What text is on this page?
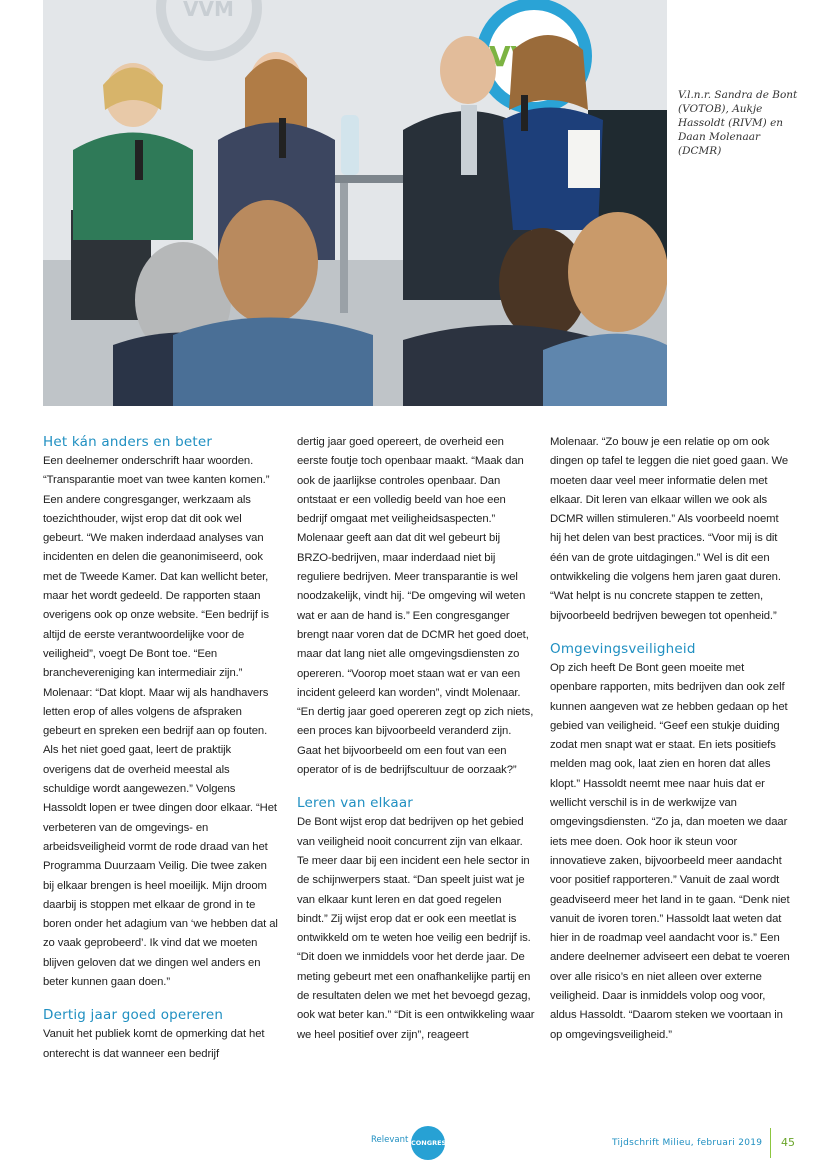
VVM
V.l.n.r. Sandra de Bont (VOTOB), Aukje Hassoldt (RIVM) en Daan Molenaar (DCMR)
Het kán anders en beter

Een deelnemer onderschrift haar woorden. “Transparantie moet van twee kanten komen.” Een andere congresganger, werkzaam als toezichthouder, wijst erop dat dit ook wel gebeurt. “We maken inderdaad analyses van incidenten en delen die geanonimiseerd, ook met de Tweede Kamer. Dat kan wellicht beter, maar het wordt gedeeld. De rapporten staan overigens ook op onze website. “Een bedrijf is altijd de eerste verantwoordelijke voor de veiligheid”, voegt De Bont toe. “Een branchevereniging kan intermediair zijn.” Molenaar: “Dat klopt. Maar wij als handhavers letten erop of alles volgens de afspraken gebeurt en spreken een bedrijf aan op fouten. Als het niet goed gaat, leert de praktijk overigens dat de overheid meestal als schuldige wordt aangewezen.” Volgens Hassoldt lopen er twee dingen door elkaar. “Het verbeteren van de omgevings- en arbeidsveiligheid vormt de rode draad van het Programma Duurzaam Veilig. Die twee zaken bij elkaar brengen is heel moeilijk. Mijn droom daarbij is stoppen met elkaar de grond in te boren onder het adagium van ‘we hebben dat al zo vaak geprobeerd’. Ik vind dat we moeten blijven geloven dat we dingen wel anders en beter kunnen gaan doen.”

Dertig jaar goed opereren

Vanuit het publiek komt de opmerking dat het onterecht is dat wanneer een bedrijf

dertig jaar goed opereert, de overheid een eerste foutje toch openbaar maakt. “Maak dan ook de jaarlijkse controles openbaar. Dan ontstaat er een volledig beeld van hoe een bedrijf omgaat met veiligheidsaspecten.” Molenaar geeft aan dat dit wel gebeurt bij BRZO-bedrijven, maar inderdaad niet bij reguliere bedrijven. Meer transparantie is wel noodzakelijk, vindt hij. “De omgeving wil weten wat er aan de hand is.” Een congresganger brengt naar voren dat de DCMR het goed doet, maar dat lang niet alle omgevingsdiensten zo opereren. “Voorop moet staan wat er van een incident geleerd kan worden”, vindt Molenaar. “En dertig jaar goed opereren zegt op zich niets, een proces kan bijvoorbeeld veranderd zijn. Gaat het bijvoorbeeld om een fout van een operator of is de bedrijfscultuur de oorzaak?”

Leren van elkaar

De Bont wijst erop dat bedrijven op het gebied van veiligheid nooit concurrent zijn van elkaar. Te meer daar bij een incident een hele sector in de schijnwerpers staat. “Dan speelt juist wat je van elkaar kunt leren en dat goed regelen bindt.” Zij wijst erop dat er ook een meetlat is ontwikkeld om te weten hoe veilig een bedrijf is. “Dit doen we inmiddels voor het derde jaar. De meting gebeurt met een onafhankelijke partij en de resultaten delen we met het bevoegd gezag, ook wat beter kan.” “Dit is een ontwikkeling waar we heel positief over zijn”, reageert

Molenaar. “Zo bouw je een relatie op om ook dingen op tafel te leggen die niet goed gaan. We moeten daar veel meer informatie delen met elkaar. Dit leren van elkaar willen we ook als DCMR willen stimuleren.” Als voorbeeld noemt hij het delen van best practices. “Voor mij is dit één van de grote uitdagingen.” Wel is dit een ontwikkeling die volgens hem jaren gaat duren. “Wat helpt is nu concrete stappen te zetten, bijvoorbeeld bedrijven bewegen tot openheid.”

Omgevingsveiligheid

Op zich heeft De Bont geen moeite met openbare rapporten, mits bedrijven dan ook zelf kunnen aangeven wat ze hebben gedaan op het gebied van veiligheid. “Geef een stukje duiding zodat men snapt wat er staat. En iets positiefs melden mag ook, laat zien en horen dat alles klopt.” Hassoldt neemt mee naar huis dat er wellicht verschil is in de werkwijze van omgevingsdiensten. “Zo ja, dan moeten we daar iets mee doen. Ook hoor ik steun voor innovatieve zaken, bijvoorbeeld meer aandacht voor positief rapporteren.” Vanuit de zaal wordt geadviseerd meer het land in te gaan. “Denk niet vanuit de ivoren toren.” Hassoldt laat weten dat hier in de roadmap veel aandacht voor is.” Een andere deelnemer adviseert een debat te voeren over alle risico’s en niet alleen over externe veiligheid. Daar is inmiddels volop oog voor, aldus Hassoldt. “Daarom steken we voortaan in op omgevingsveiligheid.”

Relevant CONGRES	Tijdschrift Milieu, februari 2019 45
